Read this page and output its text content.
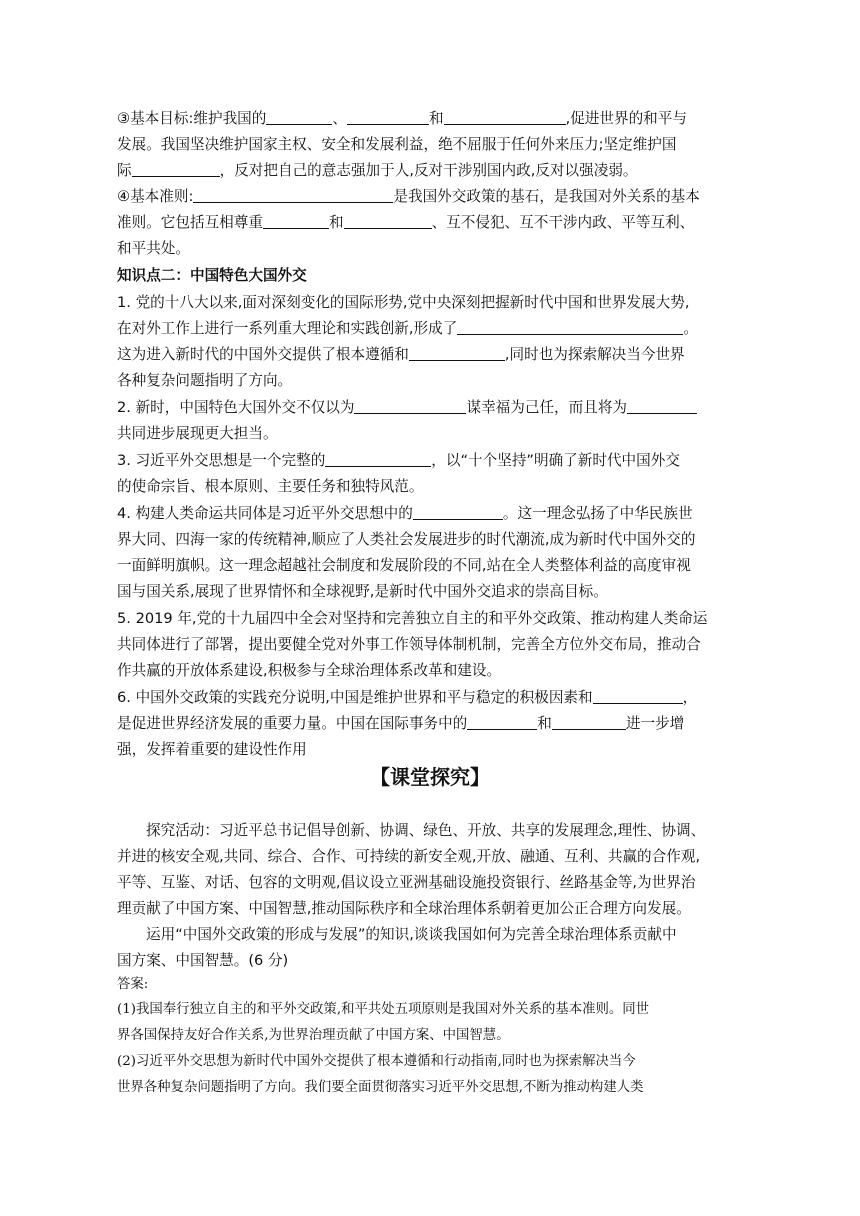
③基本目标:维护我国的	、	和	,促进世界的和平与
发展。我国坚决维护国家主权、安全和发展利益，绝不屈服于任何外来压力;坚定维护国
际	，反对把自己的意志强加于人,反对干涉别国内政,反对以强凌弱。
④基本准则:	是我国外交政策的基石，是我国对外关系的基本
准则。它包括互相尊重	和	、互不侵犯、互不干涉内政、平等互利、
和平共处。
知识点二：中国特色大国外交
1. 党的十八大以来,面对深刻变化的国际形势,党中央深刻把握新时代中国和世界发展大势,
在对外工作上进行一系列重大理论和实践创新,形成了	。
这为进入新时代的中国外交提供了根本遵循和	,同时也为探索解决当今世界
各种复杂问题指明了方向。
2. 新时，中国特色大国外交不仅以为	谋幸福为己任，而且将为
共同进步展现更大担当。
3. 习近平外交思想是一个完整的	，以“十个坚持”明确了新时代中国外交
的使命宗旨、根本原则、主要任务和独特风范。
4. 构建人类命运共同体是习近平外交思想中的	。这一理念弘扬了中华民族世
界大同、四海一家的传统精神,顺应了人类社会发展进步的时代潮流,成为新时代中国外交的
一面鲜明旗帜。这一理念超越社会制度和发展阶段的不同,站在全人类整体利益的高度审视
国与国关系,展现了世界情怀和全球视野,是新时代中国外交追求的崇高目标。
5. 2019 年,党的十九届四中全会对坚持和完善独立自主的和平外交政策、推动构建人类命运
共同体进行了部署，提出要健全党对外事工作领导体制机制，完善全方位外交布局，推动合
作共赢的开放体系建设,积极参与全球治理体系改革和建设。
6. 中国外交政策的实践充分说明,中国是维护世界和平与稳定的积极因素和	，
是促进世界经济发展的重要力量。中国在国际事务中的	和	进一步增
强，发挥着重要的建设性作用
【课堂探究】
探究活动：习近平总书记倡导创新、协调、绿色、开放、共享的发展理念,理性、协调、
并进的核安全观,共同、综合、合作、可持续的新安全观,开放、融通、互利、共赢的合作观,
平等、互鉴、对话、包容的文明观,倡议设立亚洲基础设施投资银行、丝路基金等,为世界治
理贡献了中国方案、中国智慧,推动国际秩序和全球治理体系朝着更加公正合理方向发展。
运用“中国外交政策的形成与发展”的知识,谈谈我国如何为完善全球治理体系贡献中
国方案、中国智慧。(6 分)
答案:
(1)我国奉行独立自主的和平外交政策,和平共处五项原则是我国对外关系的基本准则。同世
界各国保持友好合作关系,为世界治理贡献了中国方案、中国智慧。
(2)习近平外交思想为新时代中国外交提供了根本遵循和行动指南,同时也为探索解决当今
世界各种复杂问题指明了方向。我们要全面贯彻落实习近平外交思想,不断为推动构建人类
